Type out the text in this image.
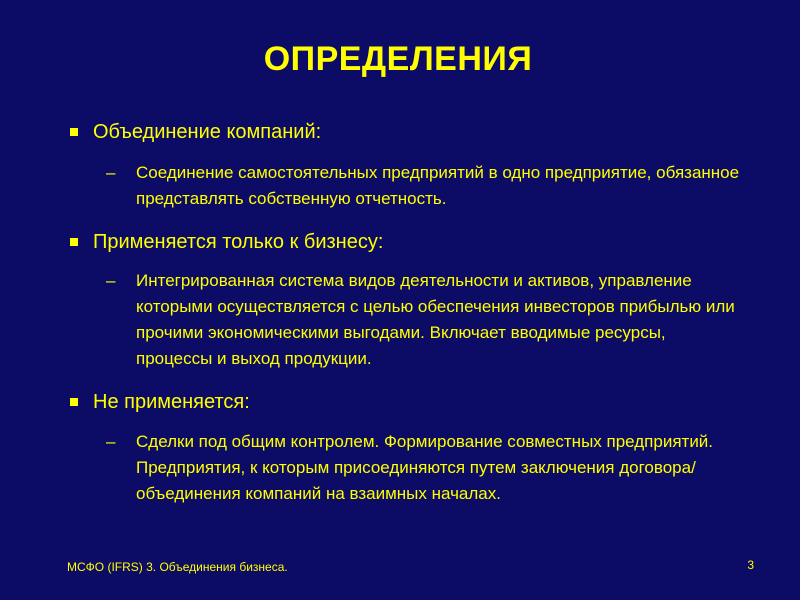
ОПРЕДЕЛЕНИЯ
Объединение компаний:
– Соединение самостоятельных предприятий в одно предприятие, обязанное представлять собственную отчетность.
Применяется только к бизнесу:
– Интегрированная система видов деятельности и активов, управление которыми осуществляется с целью обеспечения инвесторов прибылью или прочими экономическими выгодами. Включает вводимые ресурсы, процессы и выход продукции.
Не применяется:
– Сделки под общим контролем. Формирование совместных предприятий. Предприятия, к которым присоединяются путем заключения договора/объединения компаний на взаимных началах.
МСФО (IFRS) 3. Объединения бизнеса.	3
